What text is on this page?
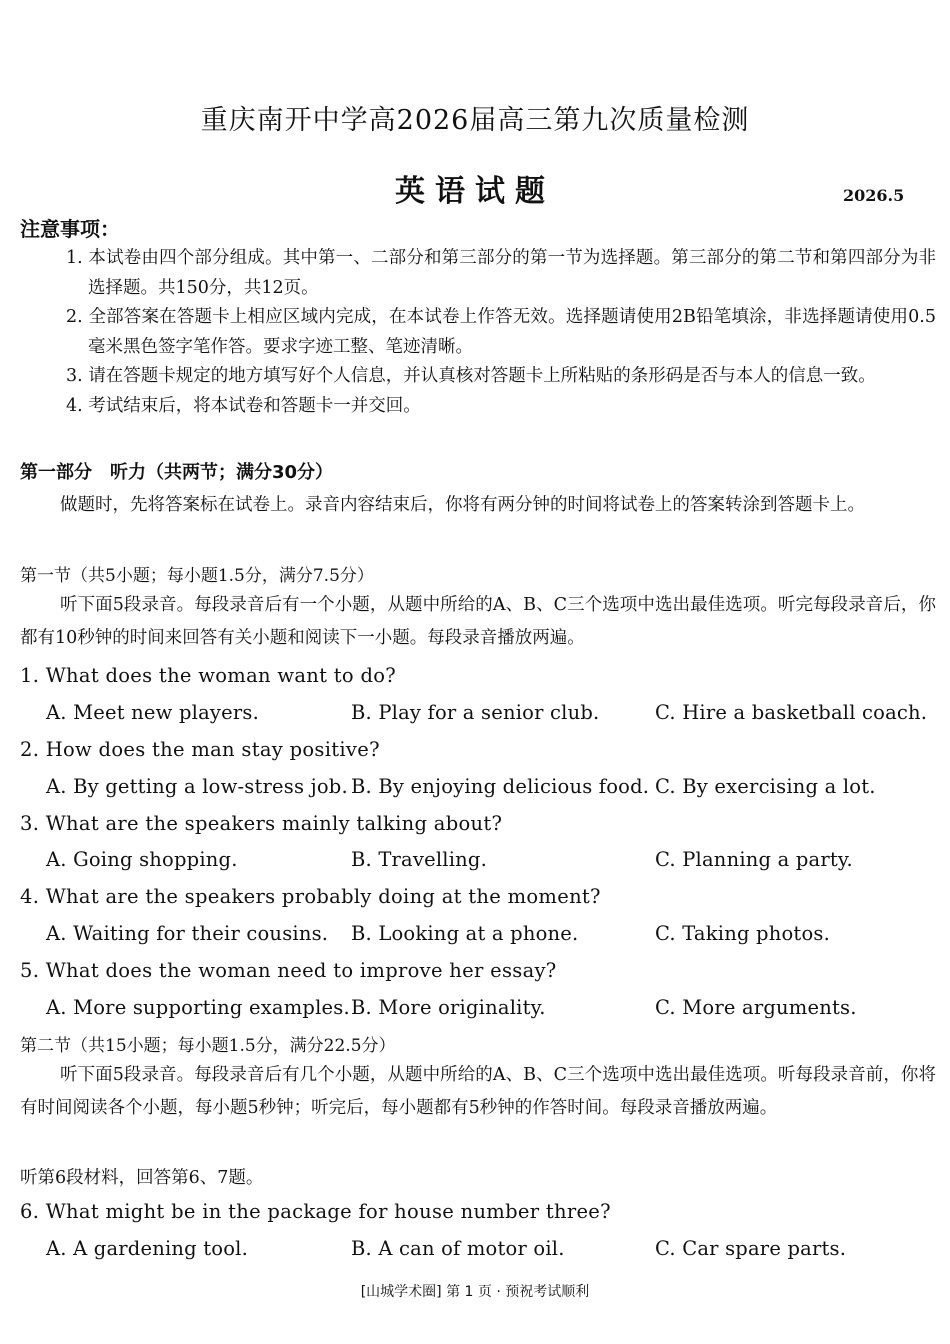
重庆南开中学高2026届高三第九次质量检测
英语试题	2026.5
注意事项：
1. 本试卷由四个部分组成。其中第一、二部分和第三部分的第一节为选择题。第三部分的第二节和第四部分为非选择题。共150分，共12页。
2. 全部答案在答题卡上相应区域内完成，在本试卷上作答无效。选择题请使用2B铅笔填涂，非选择题请使用0.5毫米黑色签字笔作答。要求字迹工整、笔迹清晰。
3. 请在答题卡规定的地方填写好个人信息，并认真核对答题卡上所粘贴的条形码是否与本人的信息一致。
4. 考试结束后，将本试卷和答题卡一并交回。
第一部分　听力（共两节；满分30分）
做题时，先将答案标在试卷上。录音内容结束后，你将有两分钟的时间将试卷上的答案转涂到答题卡上。
第一节（共5小题；每小题1.5分，满分7.5分）
听下面5段录音。每段录音后有一个小题，从题中所给的A、B、C三个选项中选出最佳选项。听完每段录音后，你都有10秒钟的时间来回答有关小题和阅读下一小题。每段录音播放两遍。
1. What does the woman want to do?
A. Meet new players.	B. Play for a senior club.	C. Hire a basketball coach.
2. How does the man stay positive?
A. By getting a low-stress job. B. By enjoying delicious food. C. By exercising a lot.
3. What are the speakers mainly talking about?
A. Going shopping.	B. Travelling.	C. Planning a party.
4. What are the speakers probably doing at the moment?
A. Waiting for their cousins. B. Looking at a phone.	C. Taking photos.
5. What does the woman need to improve her essay?
A. More supporting examples. B. More originality.	C. More arguments.
第二节（共15小题；每小题1.5分，满分22.5分）
听下面5段录音。每段录音后有几个小题，从题中所给的A、B、C三个选项中选出最佳选项。听每段录音前，你将有时间阅读各个小题，每小题5秒钟；听完后，每小题都有5秒钟的作答时间。每段录音播放两遍。
听第6段材料，回答第6、7题。
6. What might be in the package for house number three?
A. A gardening tool.	B. A can of motor oil.	C. Car spare parts.
[山城学术圈] 第 1 页 · 预祝考试顺利
